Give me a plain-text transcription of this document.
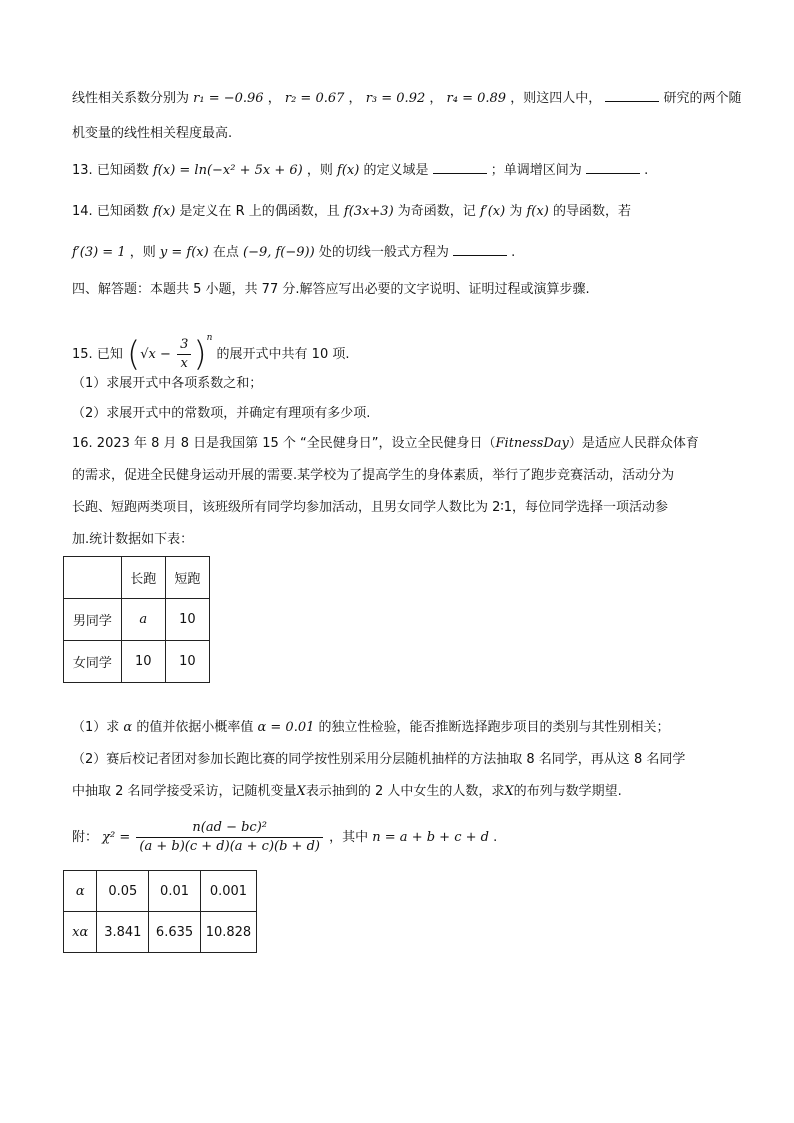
线性相关系数分别为 r₁ = −0.96 ， r₂ = 0.67 ， r₃ = 0.92 ， r₄ = 0.89 ，则这四人中，	研究的两个随
机变量的线性相关程度最高.
13. 已知函数 f(x) = ln(−x² + 5x + 6) ，则 f(x) 的定义域是	；单调增区间为	.
14. 已知函数 f(x) 是定义在 R 上的偶函数，且 f(3x+3) 为奇函数，记 f′(x) 为 f(x) 的导函数，若
f′(3) = 1 ，则 y = f(x) 在点 (−9, f(−9)) 处的切线一般式方程为	.
四、解答题：本题共 5 小题，共 77 分.解答应写出必要的文字说明、证明过程或演算步骤.
15. 已知 $(√x - \frac{3}{x} )^n$ 的展开式中共有 10 项.
（1）求展开式中各项系数之和；
（2）求展开式中的常数项，并确定有理项有多少项.
16. 2023 年 8 月 8 日是我国第 15 个 “全民健身日”，设立全民健身日（FitnessDay）是适应人民群众体育
的需求，促进全民健身运动开展的需要.某学校为了提高学生的身体素质，举行了跑步竞赛活动，活动分为
长跑、短跑两类项目，该班级所有同学均参加活动，且男女同学人数比为 2∶1，每位同学选择一项活动参
加.统计数据如下表：
	长跑	短跑
男同学	a	10
女同学	10	10
（1）求 α 的值并依据小概率值 α = 0.01 的独立性检验，能否推断选择跑步项目的类别与其性别相关；
（2）赛后校记者团对参加长跑比赛的同学按性别采用分层随机抽样的方法抽取 8 名同学，再从这 8 名同学
中抽取 2 名同学接受采访，记随机变量X表示抽到的 2 人中女生的人数，求X的布列与数学期望.
附： $\chi^2 = \frac{\text{n(ad − bc)²}}{(a + b)(c + d)(a + c)(b + d)}$ ，其中 n = a + b + c + d .
α	0.05	0.01	0.001
xα	3.841	6.635	10.828
